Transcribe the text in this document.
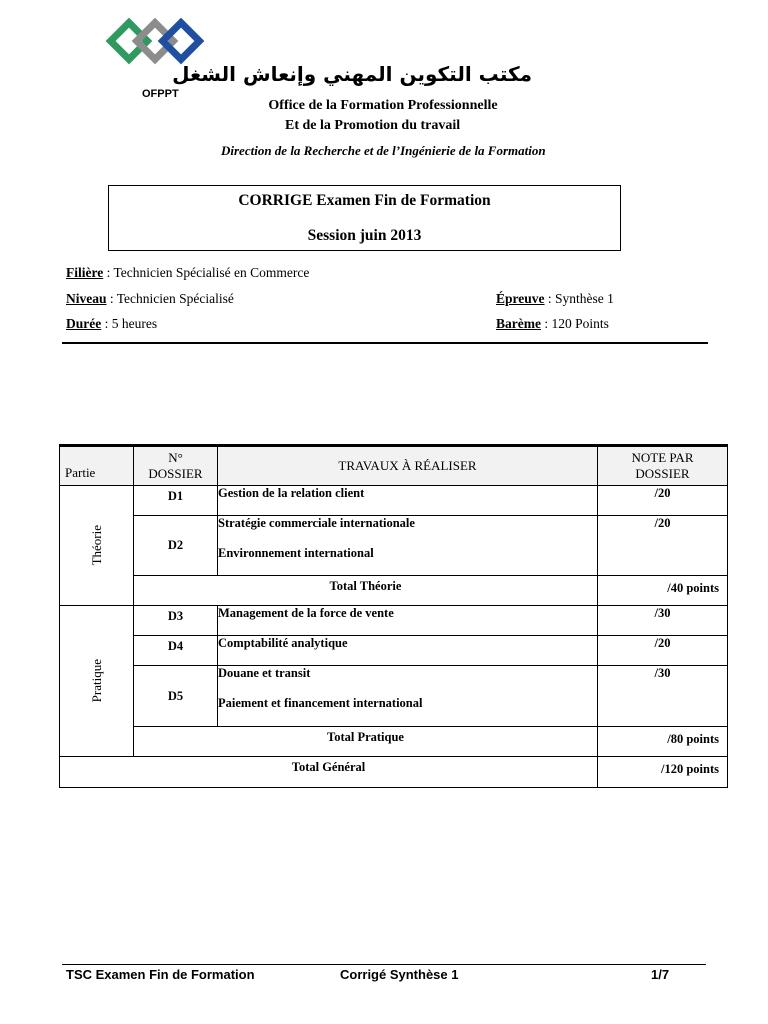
OFPPT
مكتب التكوين المهني وإنعاش الشغل
Office de la Formation Professionnelle
Et de la Promotion du travail
Direction de la Recherche et de l’Ingénierie de la Formation
CORRIGE Examen Fin de Formation
Session juin 2013
Filière : Technicien Spécialisé en Commerce
Niveau : Technicien Spécialisé
Durée : 5 heures
Épreuve : Synthèse 1
Barème : 120 Points
Partie	N° DOSSIER	TRAVAUX À RÉALISER	NOTE PAR DOSSIER

Théorie	D1	Gestion de la relation client	/20
	D2	Stratégie commerciale internationale
Environnement international	/20
	Total Théorie		/40 points

Pratique	D3	Management de la force de vente	/30
	D4	Comptabilité analytique	/20
	D5	Douane et transit
Paiement et financement international	/30
	Total Pratique		/80 points
Total Général			/120 points
TSC Examen Fin de Formation	Corrigé Synthèse 1	1/7
